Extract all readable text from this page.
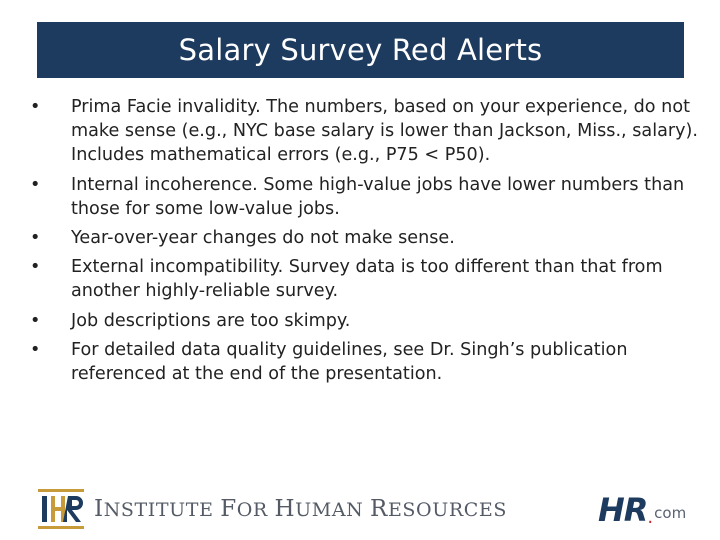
Salary Survey Red Alerts
•	Prima Facie invalidity. The numbers, based on your experience, do not make sense (e.g., NYC base salary is lower than Jackson, Miss., salary). Includes mathematical errors (e.g., P75 < P50).
•	Internal incoherence. Some high-value jobs have lower numbers than those for some low-value jobs.
•	Year-over-year changes do not make sense.
•	External incompatibility. Survey data is too different than that from another highly-reliable survey.
•	Job descriptions are too skimpy.
•	For detailed data quality guidelines, see Dr. Singh’s publication referenced at the end of the presentation.
INSTITUTE FOR HUMAN RESOURCES	HR . com
